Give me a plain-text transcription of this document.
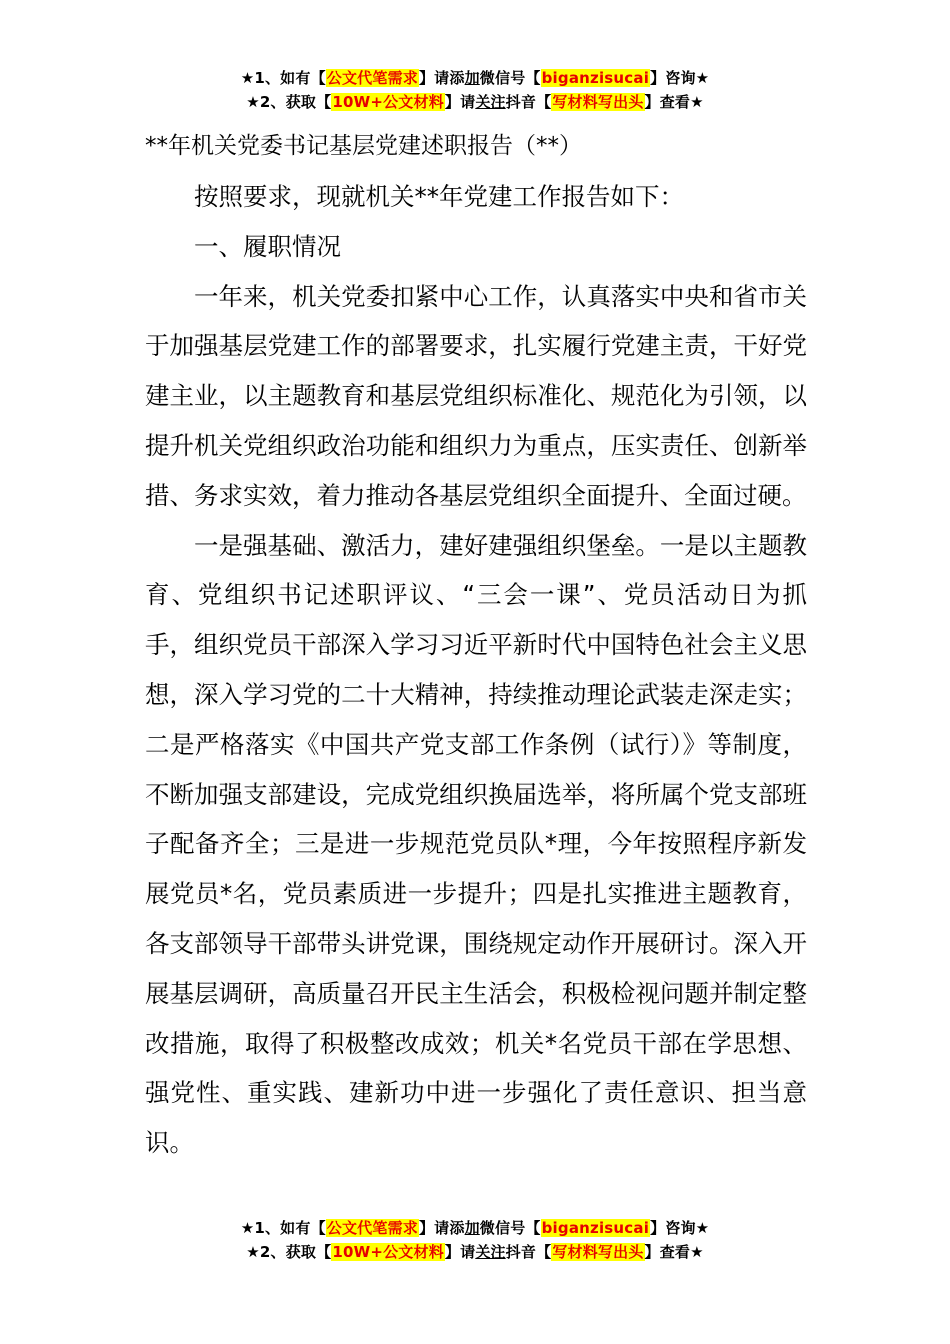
★1、如有【公文代笔需求】请添加微信号【biganzisucai】咨询★
★2、获取【10W+公文材料】请关注抖音【写材料写出头】查看★
**年机关党委书记基层党建述职报告（**）

按照要求，现就机关**年党建工作报告如下：

一、履职情况

一年来，机关党委扣紧中心工作，认真落实中央和省市关于加强基层党建工作的部署要求，扎实履行党建主责，干好党建主业，以主题教育和基层党组织标准化、规范化为引领，以提升机关党组织政治功能和组织力为重点，压实责任、创新举措、务求实效，着力推动各基层党组织全面提升、全面过硬。

一是强基础、激活力，建好建强组织堡垒。一是以主题教育、党组织书记述职评议、“三会一课”、党员活动日为抓手，组织党员干部深入学习习近平新时代中国特色社会主义思想，深入学习党的二十大精神，持续推动理论武装走深走实；二是严格落实《中国共产党支部工作条例（试行）》等制度，不断加强支部建设，完成党组织换届选举，将所属个党支部班子配备齐全；三是进一步规范党员队*理，今年按照程序新发展党员*名，党员素质进一步提升；四是扎实推进主题教育，各支部领导干部带头讲党课，围绕规定动作开展研讨。深入开展基层调研，高质量召开民主生活会，积极检视问题并制定整改措施，取得了积极整改成效；机关*名党员干部在学思想、强党性、重实践、建新功中进一步强化了责任意识、担当意识。

★1、如有【公文代笔需求】请添加微信号【biganzisucai】咨询★
★2、获取【10W+公文材料】请关注抖音【写材料写出头】查看★
